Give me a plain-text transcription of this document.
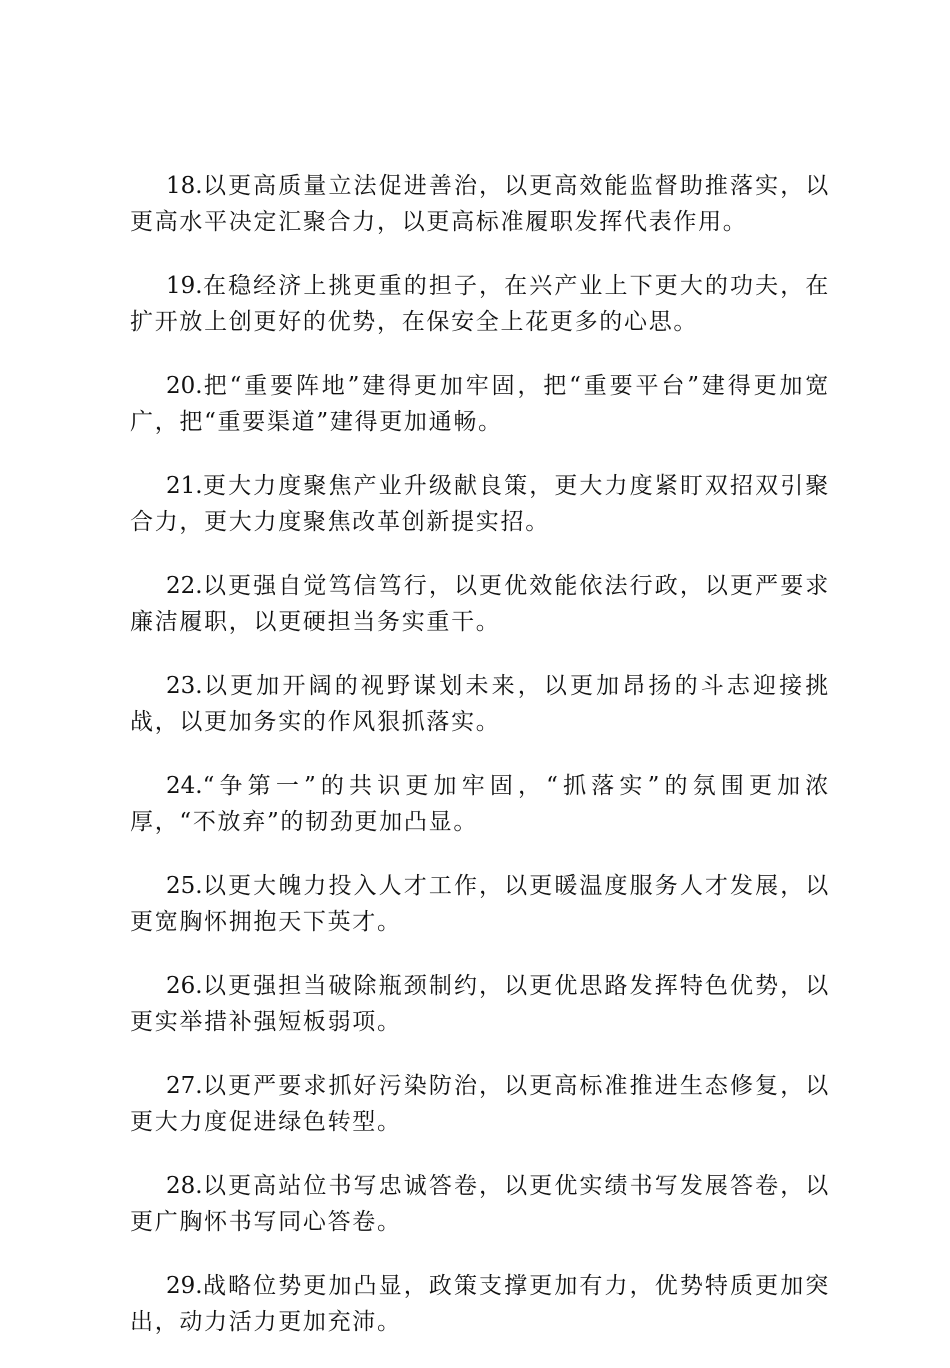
18.以更高质量立法促进善治，以更高效能监督助推落实，以更高水平决定汇聚合力，以更高标准履职发挥代表作用。

19.在稳经济上挑更重的担子，在兴产业上下更大的功夫，在扩开放上创更好的优势，在保安全上花更多的心思。

20.把“重要阵地”建得更加牢固，把“重要平台”建得更加宽广，把“重要渠道”建得更加通畅。

21.更大力度聚焦产业升级献良策，更大力度紧盯双招双引聚合力，更大力度聚焦改革创新提实招。

22.以更强自觉笃信笃行，以更优效能依法行政，以更严要求廉洁履职，以更硬担当务实重干。

23.以更加开阔的视野谋划未来，以更加昂扬的斗志迎接挑战，以更加务实的作风狠抓落实。

24.“争第一”的共识更加牢固，“抓落实”的氛围更加浓厚，“不放弃”的韧劲更加凸显。

25.以更大魄力投入人才工作，以更暖温度服务人才发展，以更宽胸怀拥抱天下英才。

26.以更强担当破除瓶颈制约，以更优思路发挥特色优势，以更实举措补强短板弱项。

27.以更严要求抓好污染防治，以更高标准推进生态修复，以更大力度促进绿色转型。

28.以更高站位书写忠诚答卷，以更优实绩书写发展答卷，以更广胸怀书写同心答卷。

29.战略位势更加凸显，政策支撑更加有力，优势特质更加突出，动力活力更加充沛。
